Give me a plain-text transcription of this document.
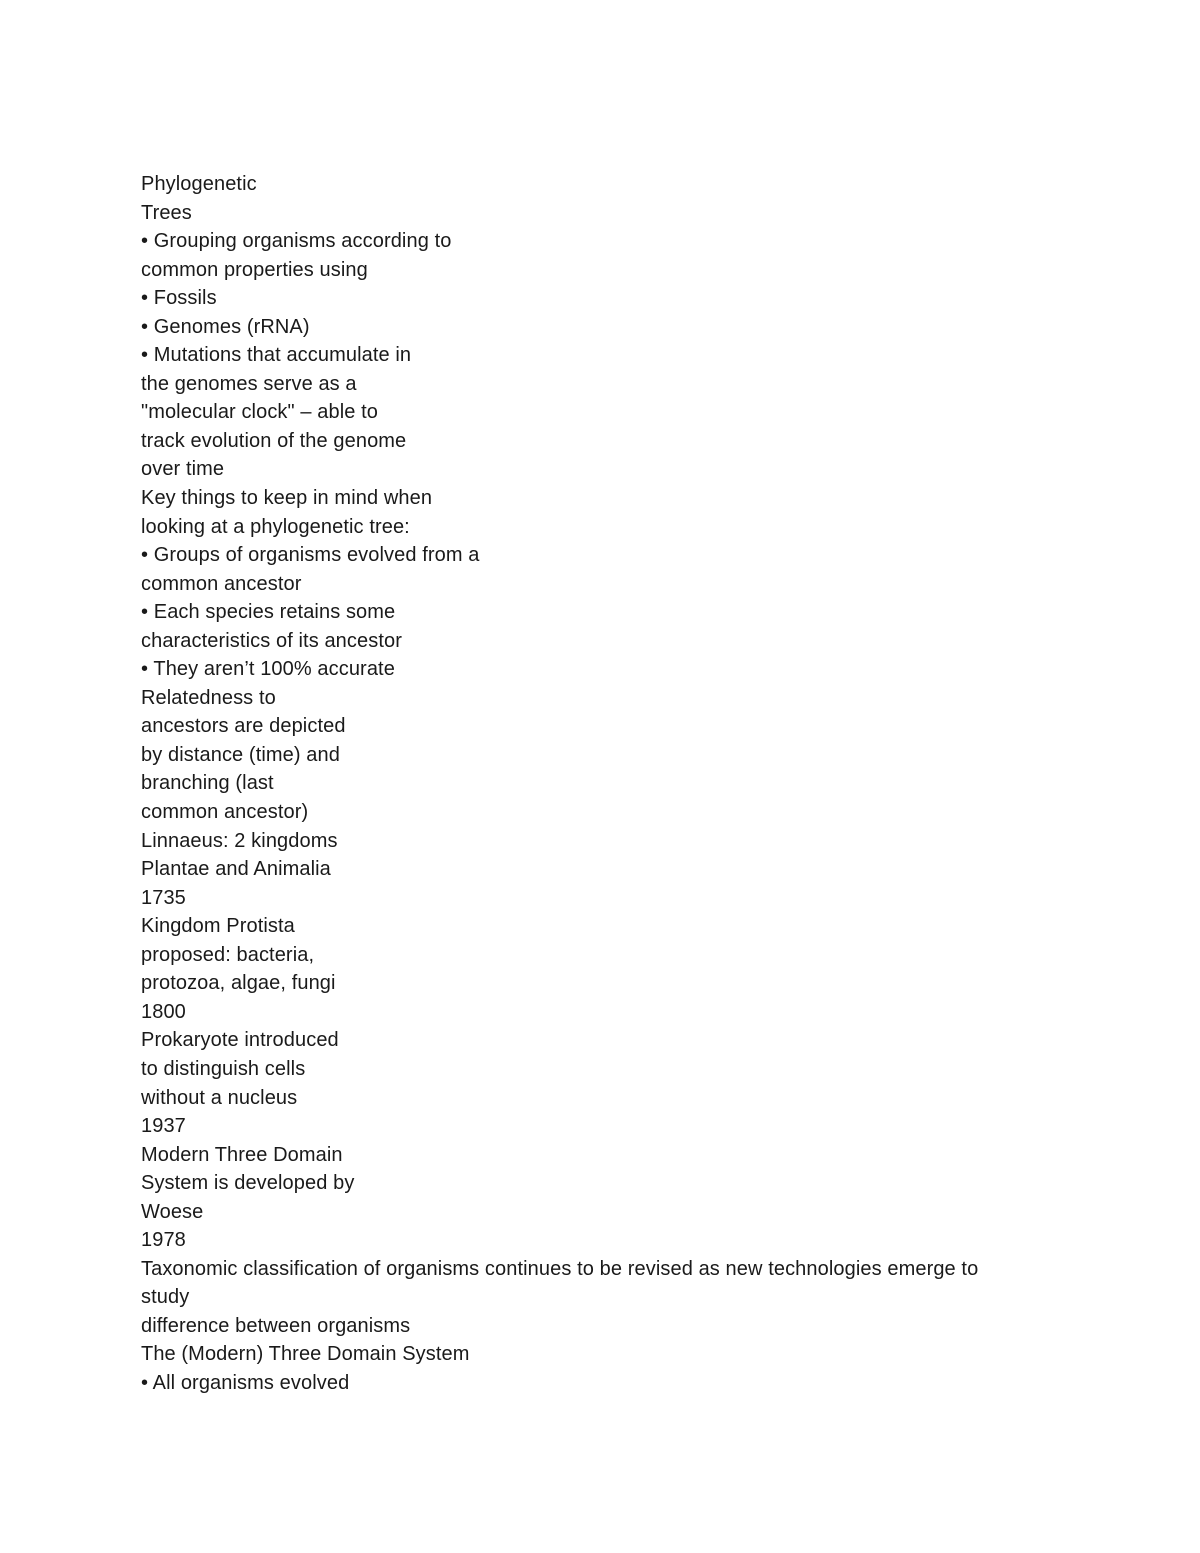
Phylogenetic
Trees
• Grouping organisms according to
common properties using
• Fossils
• Genomes (rRNA)
• Mutations that accumulate in
the genomes serve as a
"molecular clock" – able to
track evolution of the genome
over time
Key things to keep in mind when
looking at a phylogenetic tree:
• Groups of organisms evolved from a
common ancestor
• Each species retains some
characteristics of its ancestor
• They aren’t 100% accurate
Relatedness to
ancestors are depicted
by distance (time) and
branching (last
common ancestor)
Linnaeus: 2 kingdoms
Plantae and Animalia
1735
Kingdom Protista
proposed: bacteria,
protozoa, algae, fungi
1800
Prokaryote introduced
to distinguish cells
without a nucleus
1937
Modern Three Domain
System is developed by
Woese
1978
Taxonomic classification of organisms continues to be revised as new technologies emerge to
study
difference between organisms
The (Modern) Three Domain System
• All organisms evolved
